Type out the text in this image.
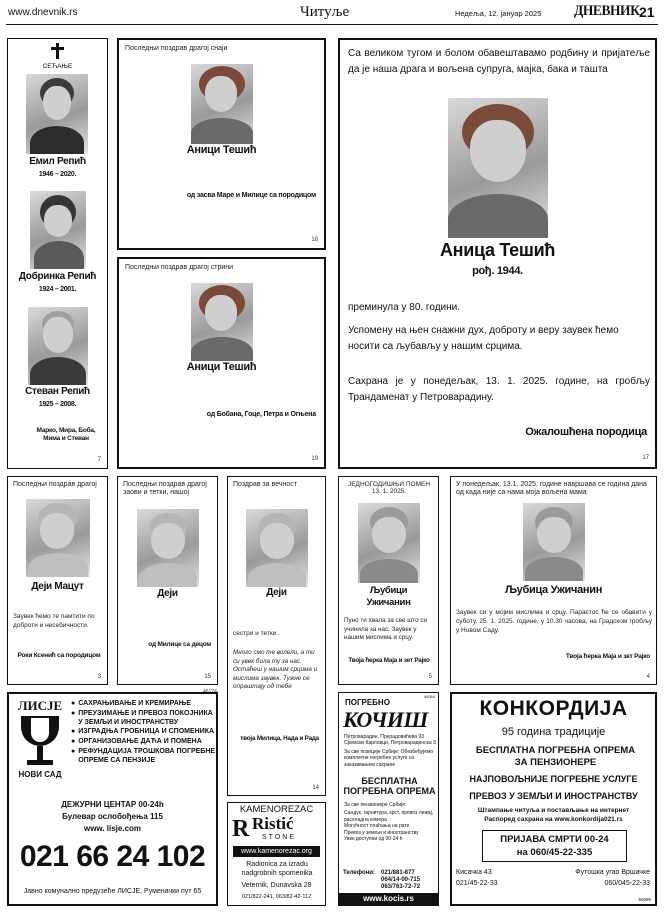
www.dnevnik.rs	Читуље	Недеља, 12. јануар 2025 ДНЕВНИК 21
СЕЋАЊЕ
Емил Репић
1946 – 2020.
Добринка Репић
1924 – 2001.
Стеван Репић
1925 – 2008.
Марко, Мира, Боба, Мима и Стеван
7
Последњи поздрав драгој снаји
Аници Тешић
од засва Маре и Милице са породицом
18
Последњи поздрав драгој стрини
Аници Тешић
од Бобана, Гоце, Петра и Огњена
19
Са великом тугом и болом обавештавамо родбину и пријатеље да је наша драга и вољена супруга, мајка, бака и ташта
Аница Тешић
рођ. 1944.
преминула у 80. години.
Успомену на њен снажни дух, доброту и веру заувек ћемо носити са љубављу у нашим срцима.
Сахрана је у понедељак, 13. 1. 2025. године, на гробљу Трандаменат у Петроварадину.
Ожалошћена породица
17
Последњи поздрав драгој
Деји Мацут
Заувек ћемо те памтити по доброти и несебичности.
Роки Ксенић са породицом
3
Последњи поздрав драгој заови и тетки, нашој
Деји
од Милице са децом
15
Поздрав за вечност
Деји
сестри и тетки.
Много смо те волели, а ти си увек била ту за нас. Остаћеш у нашим срцима и мислима заувек. Тужне се опраштају од тебе
твоја Милица, Нада и Рада
14
ЈЕДНОГОДИШЊИ ПОМЕН 13. 1. 2025.
Љубици Ужичанин
Пуно ти хвала за све што си учинила за нас. Заувек у нашим мислима и срцу.
Твоја ћерка Маја и зет Рајко
5
У понедељак, 13.1. 2025. године навршава се година дана од када није са нама моја вољена мама
Љубица Ужичанин
Заувек си у мојим мислима и срцу. Парастос ће се обавити у суботу, 25. 1. 2025. године, у 10.30 часова, на Градском гробљу у Новом Саду.
Твоја ћерка Маја и зет Рајко
4
ЛИСЈЕ
НОВИ САД
● САХРАЊИВАЊЕ И КРЕМИРАЊЕ
● ПРЕУЗИМАЊЕ И ПРЕВОЗ ПОКОЈНИКА У ЗЕМЉИ И ИНОСТРАНСТВУ
● ИЗГРАДЊА ГРОБНИЦА И СПОМЕНИКА
● ОРГАНИЗОВАЊЕ ДАЋА И ПОМЕНА
● РЕФУНДАЦИЈА ТРОШКОВА ПОГРЕБНЕ ОПРЕМЕ СА ПЕНЗИЈЕ
ДЕЖУРНИ ЦЕНТАР 00-24h
Булевар ослобођења 115
www. lisje.com
021 66 24 102
Јавно комунално предузеће ЛИСЈЕ, Руменачки пут 65
KAMENOREZAC
R Ristić
STONE
www.kamenorezac.org
Radionica za izradu nadgrobnih spomenika
Veternik, Dunavska 28
021/822-241, 063/82-42-112
46064
ПОГРЕБНО
КОЧИШ
Петроварадин, Прерадовићева 93 Сремски Карловци, Петроварадинска 3
За све позиције Србије: Обезбеђујемо комплетне погребне услуге са заказивањем сахране
БЕСПЛАТНА ПОГРЕБНА ОПРЕМА
За све пензионере Србије:
Сандук, гарнитура, крст, превоз лежај, расхладна комора
Могућност плаћања на рате
Превоз у земљи и иностранству
Увек доступни од 00-24 h
Телефони: 021/881-877
064/14-00-715
063/763-72-72
www.kocis.rs
КОНКОРДИЈА
95 година традиције
БЕСПЛАТНА ПОГРЕБНА ОПРЕМА ЗА ПЕНЗИОНЕРЕ
НАЈПОВОЉНИЈЕ ПОГРЕБНЕ УСЛУГЕ
ПРЕВОЗ У ЗЕМЉИ И ИНОСТРАНСТВУ
Штампање читуља и постављање на интернет
Распоред сахрана на www.konkordija021.rs
ПРИЈАВА СМРТИ 00-24
на 060/45-22-335
Кисачка 43
021/45-22-33
Футошка угао Вршачке
060/045-22-33
50689
